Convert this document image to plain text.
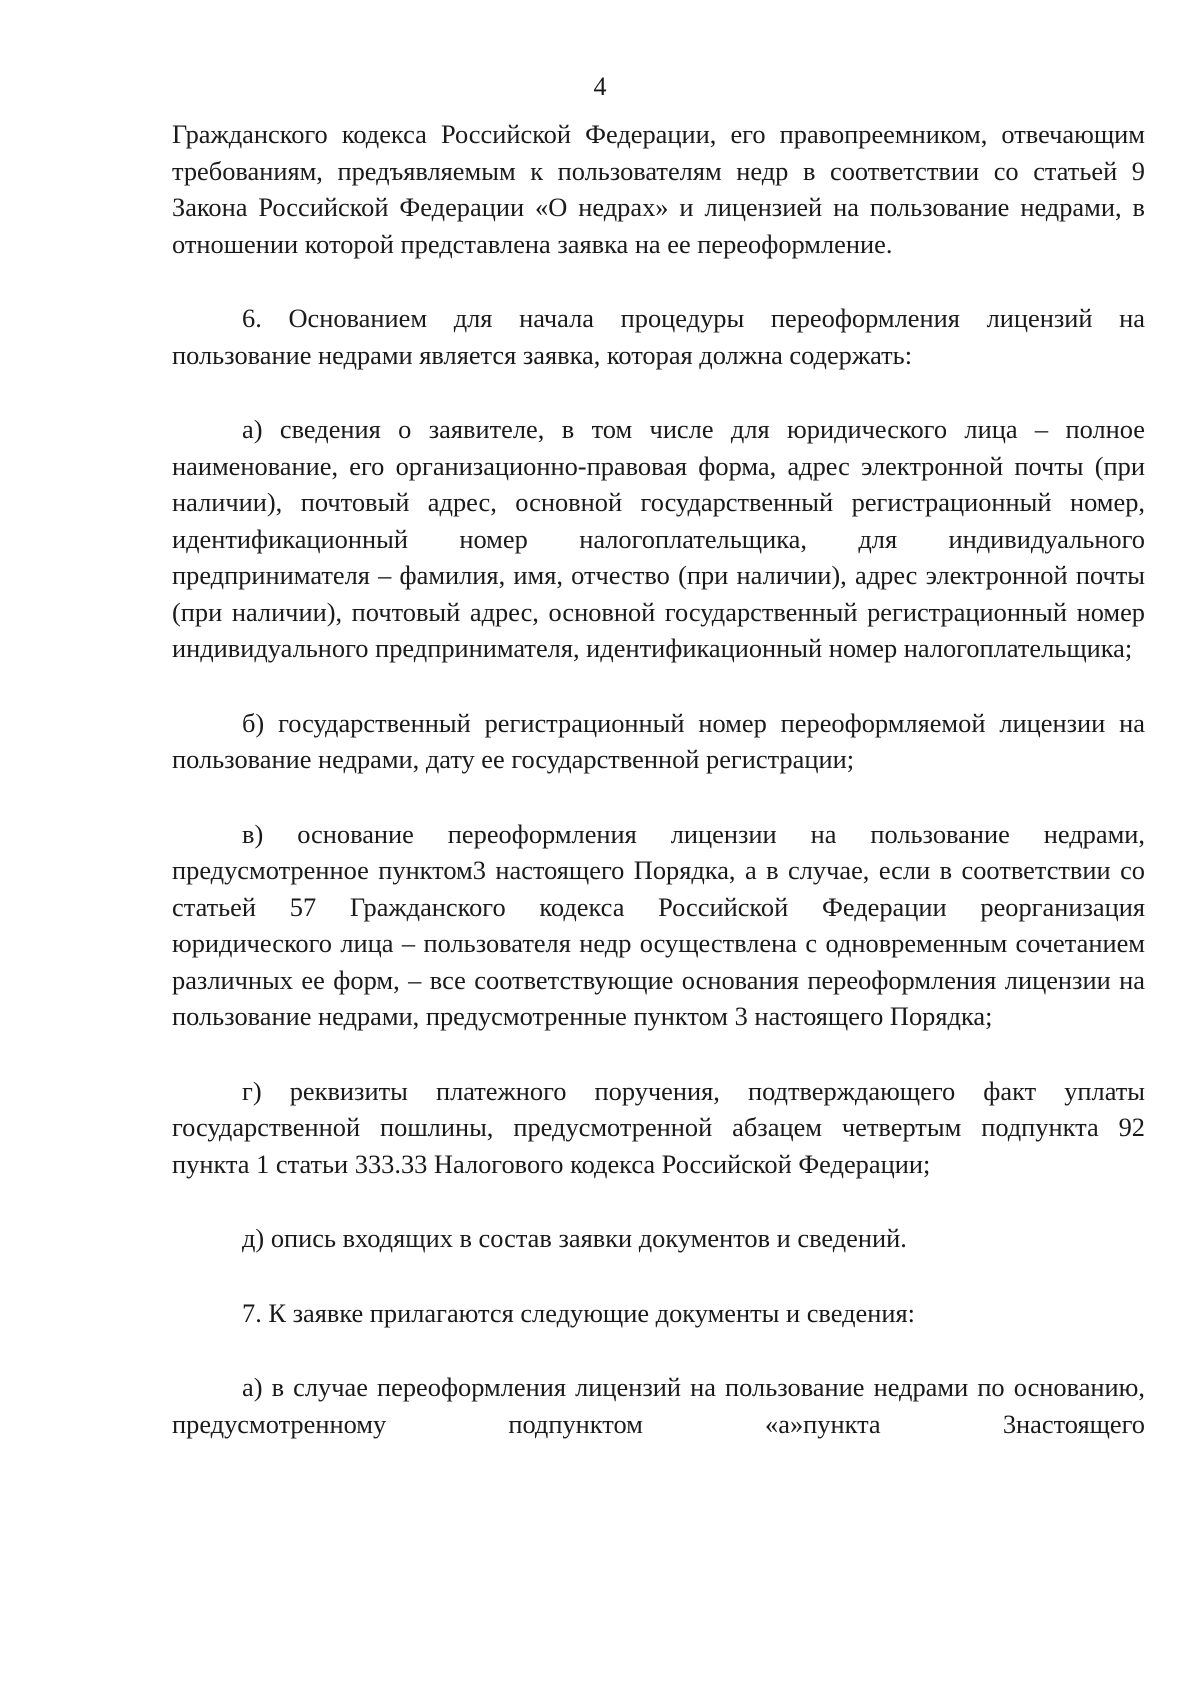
4

Гражданского кодекса Российской Федерации, его правопреемником, отвечающим требованиям, предъявляемым к пользователям недр в соответствии со статьей 9 Закона Российской Федерации «О недрах» и лицензией на пользование недрами, в отношении которой представлена заявка на ее переоформление.

6. Основанием для начала процедуры переоформления лицензий на пользование недрами является заявка, которая должна содержать:

а) сведения о заявителе, в том числе для юридического лица – полное наименование, его организационно-правовая форма, адрес электронной почты (при наличии), почтовый адрес, основной государственный регистрационный номер, идентификационный номер налогоплательщика, для индивидуального предпринимателя – фамилия, имя, отчество (при наличии), адрес электронной почты (при наличии), почтовый адрес, основной государственный регистрационный номер индивидуального предпринимателя, идентификационный номер налогоплательщика;

б) государственный регистрационный номер переоформляемой лицензии на пользование недрами, дату ее государственной регистрации;

в) основание переоформления лицензии на пользование недрами, предусмотренное пунктом3 настоящего Порядка, а в случае, если в соответствии со статьей 57 Гражданского кодекса Российской Федерации реорганизация юридического лица – пользователя недр осуществлена с одновременным сочетанием различных ее форм, – все соответствующие основания переоформления лицензии на пользование недрами, предусмотренные пунктом 3 настоящего Порядка;

г) реквизиты платежного поручения, подтверждающего факт уплаты государственной пошлины, предусмотренной абзацем четвертым подпункта 92 пункта 1 статьи 333.33 Налогового кодекса Российской Федерации;

д) опись входящих в состав заявки документов и сведений.

7. К заявке прилагаются следующие документы и сведения:

а) в случае переоформления лицензий на пользование недрами по основанию, предусмотренному подпунктом «а»пункта 3настоящего
